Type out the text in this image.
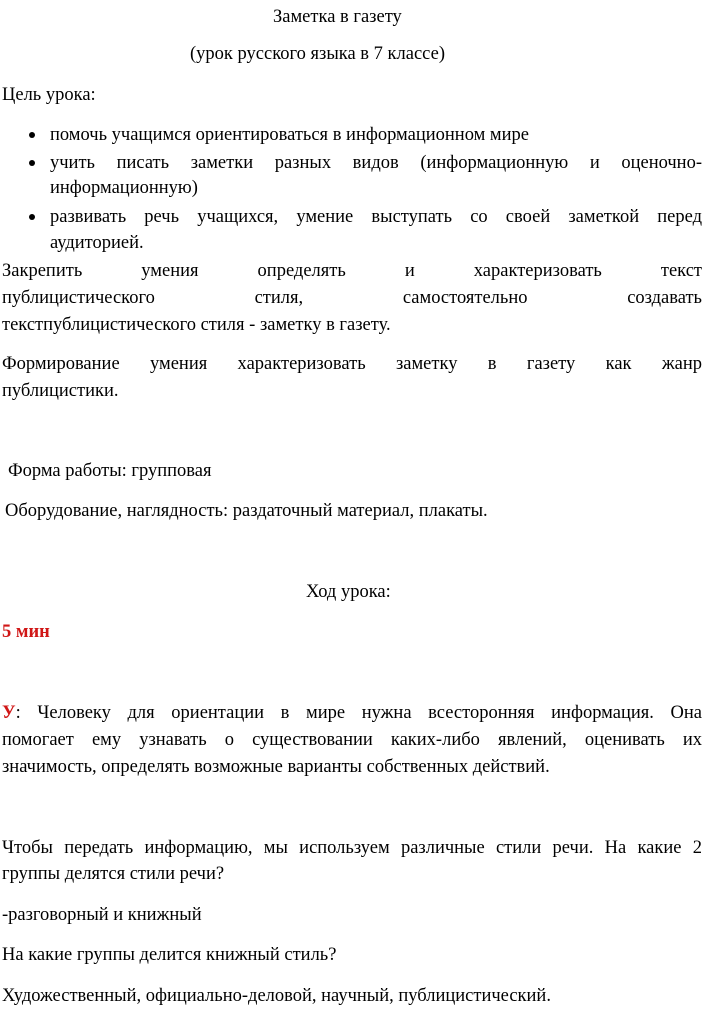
Заметка в газету
(урок русского языка в 7 классе)
Цель урока:
помочь учащимся ориентироваться в информационном мире
учить писать заметки разных видов (информационную и оценочно-
информационную)
развивать речь учащихся, умение выступать со своей заметкой перед
аудиторией.
Закрепить умения определять и характеризовать текст
публицистического стиля, самостоятельно создавать
текстпублицистического стиля - заметку в газету.
Формирование умения характеризовать заметку в газету как жанр
публицистики.
Форма работы: групповая
Оборудование, наглядность: раздаточный материал, плакаты.
Ход урока:
5 мин
У: Человеку для ориентации в мире нужна всесторонняя информация. Она
помогает ему узнавать о существовании каких-либо явлений, оценивать их
значимость, определять возможные варианты собственных действий.
Чтобы передать информацию, мы используем различные стили речи. На какие 2
группы делятся стили речи?
-разговорный и книжный
На какие группы делится книжный стиль?
Художественный, официально-деловой, научный, публицистический.
